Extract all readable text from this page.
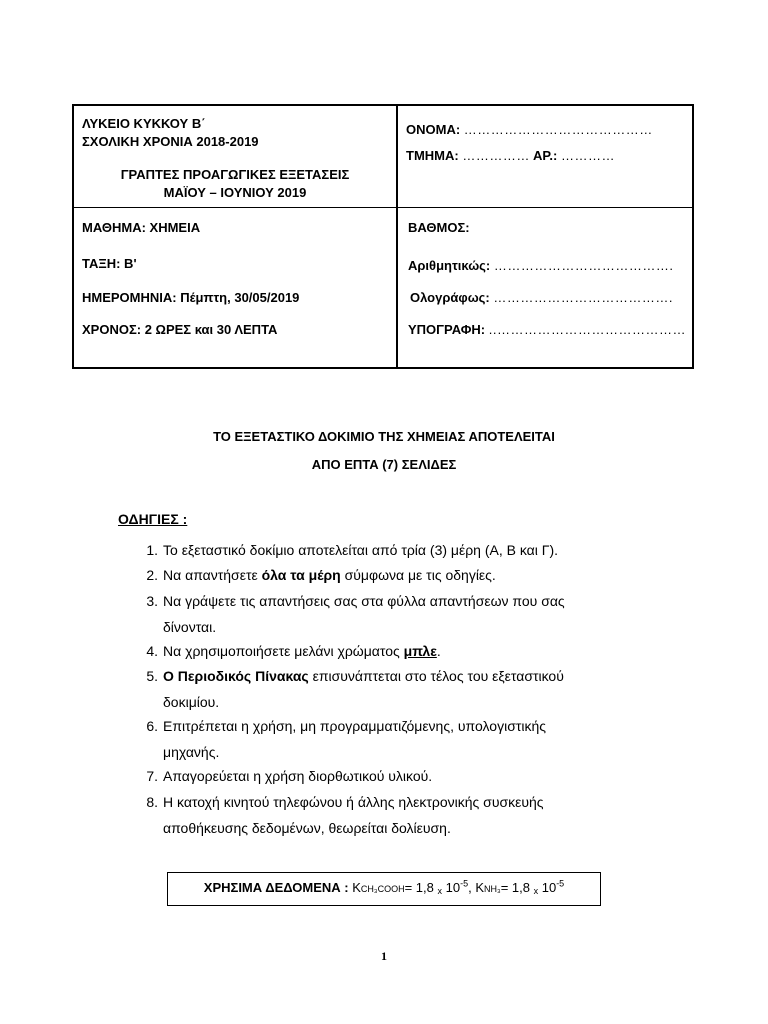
ΛΥΚΕΙΟ ΚΥΚΚΟΥ Β΄
ΣΧΟΛΙΚΗ ΧΡΟΝΙΑ 2018-2019
ΓΡΑΠΤΕΣ ΠΡΟΑΓΩΓΙΚΕΣ ΕΞΕΤΑΣΕΙΣ
ΜΑΪΟΥ – ΙΟΥΝΙΟΥ 2019
ΜΑΘΗΜΑ: ΧΗΜΕΙΑ
ΤΑΞΗ: Β'
ΗΜΕΡΟΜΗΝΙΑ: Πέμπτη, 30/05/2019
ΧΡΟΝΟΣ: 2 ΩΡΕΣ και 30 ΛΕΠΤΑ
ΟΝΟΜΑ: ……………………………………
ΤΜΗΜΑ: …………… ΑΡ.: …………
ΒΑΘΜΟΣ:
Αριθμητικώς: ………………………………….
Ολογράφως: ………………………………….
ΥΠΟΓΡΑΦΗ: ..……………………………………
ΤΟ ΕΞΕΤΑΣΤΙΚΟ ΔΟΚΙΜΙΟ ΤΗΣ ΧΗΜΕΙΑΣ ΑΠΟΤΕΛΕΙΤΑΙ
ΑΠΟ ΕΠΤΑ (7) ΣΕΛΙΔΕΣ
ΟΔΗΓΙΕΣ :
1. Το εξεταστικό δοκίμιο αποτελείται από τρία (3) μέρη (Α, Β και Γ).
2. Να απαντήσετε όλα τα μέρη σύμφωνα με τις οδηγίες.
3. Να γράψετε τις απαντήσεις σας στα φύλλα απαντήσεων που σας
δίνονται.
4. Να χρησιμοποιήσετε μελάνι χρώματος μπλε.
5. Ο Περιοδικός Πίνακας επισυνάπτεται στο τέλος του εξεταστικού
δοκιμίου.
6. Επιτρέπεται η χρήση, μη προγραμματιζόμενης, υπολογιστικής
μηχανής.
7. Απαγορεύεται η χρήση διορθωτικού υλικού.
8. Η κατοχή κινητού τηλεφώνου ή άλλης ηλεκτρονικής συσκευής
αποθήκευσης δεδομένων, θεωρείται δολίευση.
ΧΡΗΣΙΜΑ ΔΕΔΟΜΕΝΑ : KCH₃COOH= 1,8 x $10^{-5}$, KNH₃= 1,8 x $10^{-5}$
1
